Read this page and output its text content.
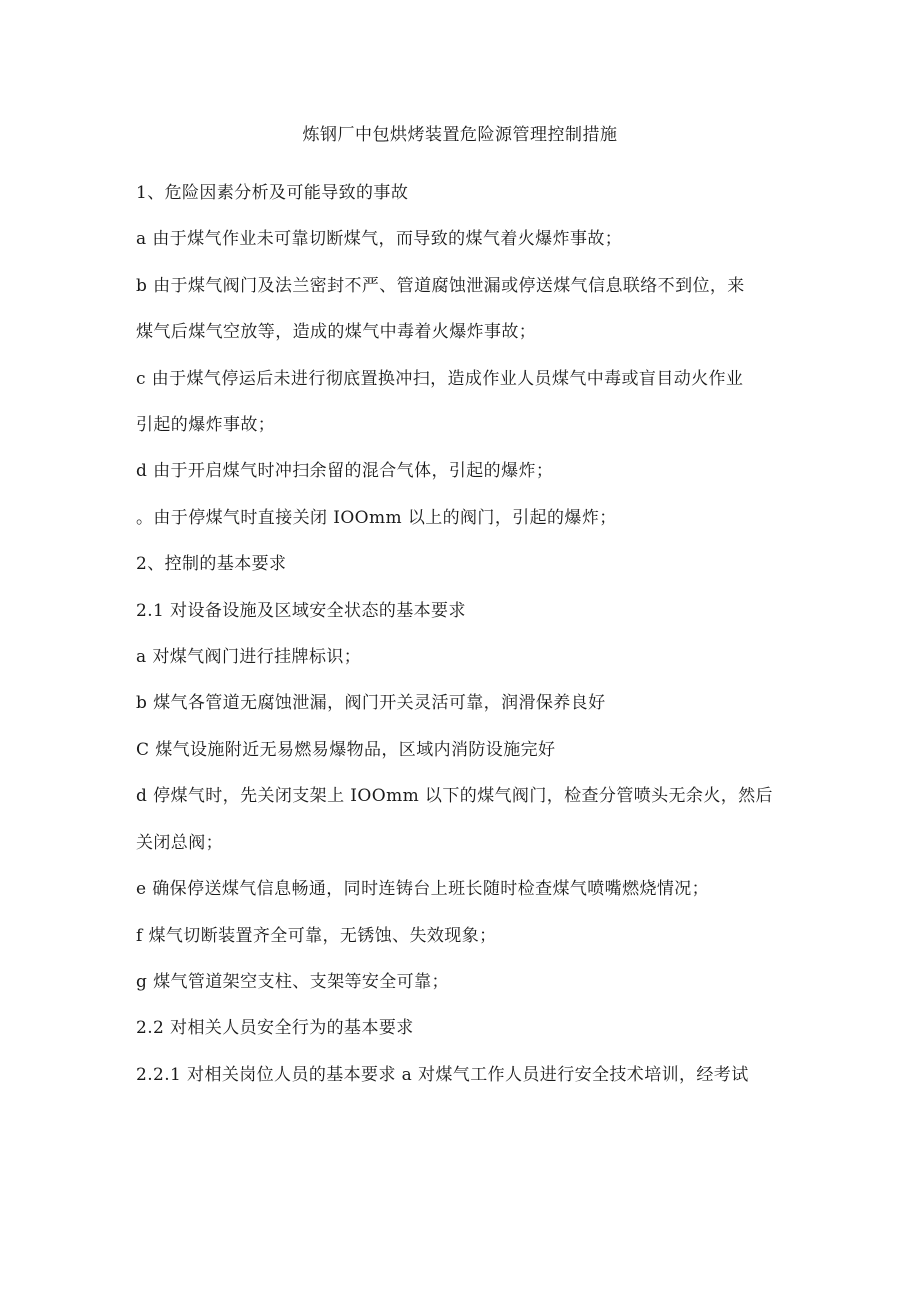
炼钢厂中包烘烤装置危险源管理控制措施

1、危险因素分析及可能导致的事故

a 由于煤气作业未可靠切断煤气，而导致的煤气着火爆炸事故；

b 由于煤气阀门及法兰密封不严、管道腐蚀泄漏或停送煤气信息联络不到位，来

煤气后煤气空放等，造成的煤气中毒着火爆炸事故；

c 由于煤气停运后未进行彻底置换冲扫，造成作业人员煤气中毒或盲目动火作业

引起的爆炸事故；

d 由于开启煤气时冲扫余留的混合气体，引起的爆炸；

。由于停煤气时直接关闭 IOOmm 以上的阀门，引起的爆炸；

2、控制的基本要求

2.1 对设备设施及区域安全状态的基本要求

a 对煤气阀门进行挂牌标识；

b 煤气各管道无腐蚀泄漏，阀门开关灵活可靠，润滑保养良好

C 煤气设施附近无易燃易爆物品，区域内消防设施完好

d 停煤气时，先关闭支架上 IOOmm 以下的煤气阀门，检查分管喷头无余火，然后

关闭总阀；

e 确保停送煤气信息畅通，同时连铸台上班长随时检查煤气喷嘴燃烧情况；

f 煤气切断装置齐全可靠，无锈蚀、失效现象；

g 煤气管道架空支柱、支架等安全可靠；

2.2 对相关人员安全行为的基本要求

2.2.1 对相关岗位人员的基本要求 a 对煤气工作人员进行安全技术培训，经考试
